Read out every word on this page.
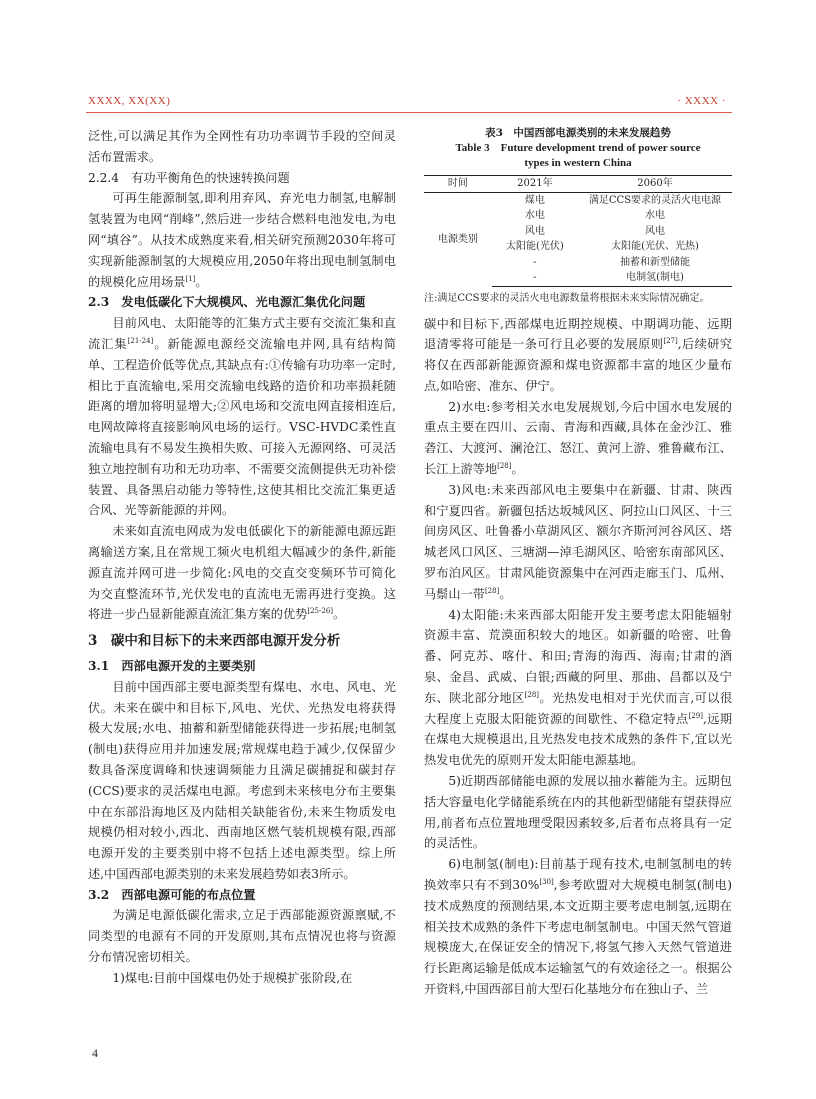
XXXX, XX(XX)	· XXXX ·

泛性,可以满足其作为全网性有功功率调节手段的空间灵活布置需求。

2.2.4　有功平衡角色的快速转换问题

可再生能源制氢,即利用弃风、弃光电力制氢,电解制氢装置为电网“削峰”,然后进一步结合燃料电池发电,为电网“填谷”。从技术成熟度来看,相关研究预测2030年将可实现新能源制氢的大规模应用,2050年将出现电制氢制电的规模化应用场景[1]。

2.3　发电低碳化下大规模风、光电源汇集优化问题

目前风电、太阳能等的汇集方式主要有交流汇集和直流汇集[21-24]。新能源电源经交流输电并网,具有结构简单、工程造价低等优点,其缺点有:①传输有功功率一定时,相比于直流输电,采用交流输电线路的造价和功率损耗随距离的增加将明显增大;②风电场和交流电网直接相连后,电网故障将直接影响风电场的运行。VSC-HVDC柔性直流输电具有不易发生换相失败、可接入无源网络、可灵活独立地控制有功和无功功率、不需要交流侧提供无功补偿装置、具备黑启动能力等特性,这使其相比交流汇集更适合风、光等新能源的并网。

未来如直流电网成为发电低碳化下的新能源电源远距离输送方案,且在常规工频火电机组大幅减少的条件,新能源直流并网可进一步简化:风电的交直交变频环节可简化为交直整流环节,光伏发电的直流电无需再进行变换。这将进一步凸显新能源直流汇集方案的优势[25-26]。

3　碳中和目标下的未来西部电源开发分析

3.1　西部电源开发的主要类别

目前中国西部主要电源类型有煤电、水电、风电、光伏。未来在碳中和目标下,风电、光伏、光热发电将获得极大发展;水电、抽蓄和新型储能获得进一步拓展;电制氢(制电)获得应用并加速发展;常规煤电趋于减少,仅保留少数具备深度调峰和快速调频能力且满足碳捕捉和碳封存(CCS)要求的灵活煤电电源。考虑到未来核电分布主要集中在东部沿海地区及内陆相关缺能省份,未来生物质发电规模仍相对较小,西北、西南地区燃气装机规模有限,西部电源开发的主要类别中将不包括上述电源类型。综上所述,中国西部电源类别的未来发展趋势如表3所示。

3.2　西部电源可能的布点位置

为满足电源低碳化需求,立足于西部能源资源禀赋,不同类型的电源有不同的开发原则,其布点情况也将与资源分布情况密切相关。

1)煤电:目前中国煤电仍处于规模扩张阶段,在

表3　中国西部电源类别的未来发展趋势
Table 3　Future development trend of power source
types in western China
时间	2021年	2060年
电源类别	煤电	满足CCS要求的灵活火电电源
	水电	水电
	风电	风电
	太阳能(光伏)	太阳能(光伏、光热)
	-	抽蓄和新型储能
	-	电制氢(制电)
注:满足CCS要求的灵活火电电源数量将根据未来实际情况确定。

碳中和目标下,西部煤电近期控规模、中期调功能、远期退清零将可能是一条可行且必要的发展原则[27],后续研究将仅在西部新能源资源和煤电资源都丰富的地区少量布点,如哈密、准东、伊宁。

2)水电:参考相关水电发展规划,今后中国水电发展的重点主要在四川、云南、青海和西藏,具体在金沙江、雅砻江、大渡河、澜沧江、怒江、黄河上游、雅鲁藏布江、长江上游等地[28]。

3)风电:未来西部风电主要集中在新疆、甘肃、陕西和宁夏四省。新疆包括达坂城风区、阿拉山口风区、十三间房风区、吐鲁番小草湖风区、额尔齐斯河河谷风区、塔城老风口风区、三塘湖—淖毛湖风区、哈密东南部风区、罗布泊风区。甘肃风能资源集中在河西走廊玉门、瓜州、马鬃山一带[28]。

4)太阳能:未来西部太阳能开发主要考虑太阳能辐射资源丰富、荒漠面积较大的地区。如新疆的哈密、吐鲁番、阿克苏、喀什、和田;青海的海西、海南;甘肃的酒泉、金昌、武威、白银;西藏的阿里、那曲、昌都以及宁东、陕北部分地区[28]。光热发电相对于光伏而言,可以很大程度上克服太阳能资源的间歇性、不稳定特点[29],远期在煤电大规模退出,且光热发电技术成熟的条件下,宜以光热发电优先的原则开发太阳能电源基地。

5)近期西部储能电源的发展以抽水蓄能为主。远期包括大容量电化学储能系统在内的其他新型储能有望获得应用,前者布点位置地理受限因素较多,后者布点将具有一定的灵活性。

6)电制氢(制电):目前基于现有技术,电制氢制电的转换效率只有不到30%[30],参考欧盟对大规模电制氢(制电)技术成熟度的预测结果,本文近期主要考虑电制氢,远期在相关技术成熟的条件下考虑电制氢制电。中国天然气管道规模庞大,在保证安全的情况下,将氢气掺入天然气管道进行长距离运输是低成本运输氢气的有效途径之一。根据公开资料,中国西部目前大型石化基地分布在独山子、兰

4
